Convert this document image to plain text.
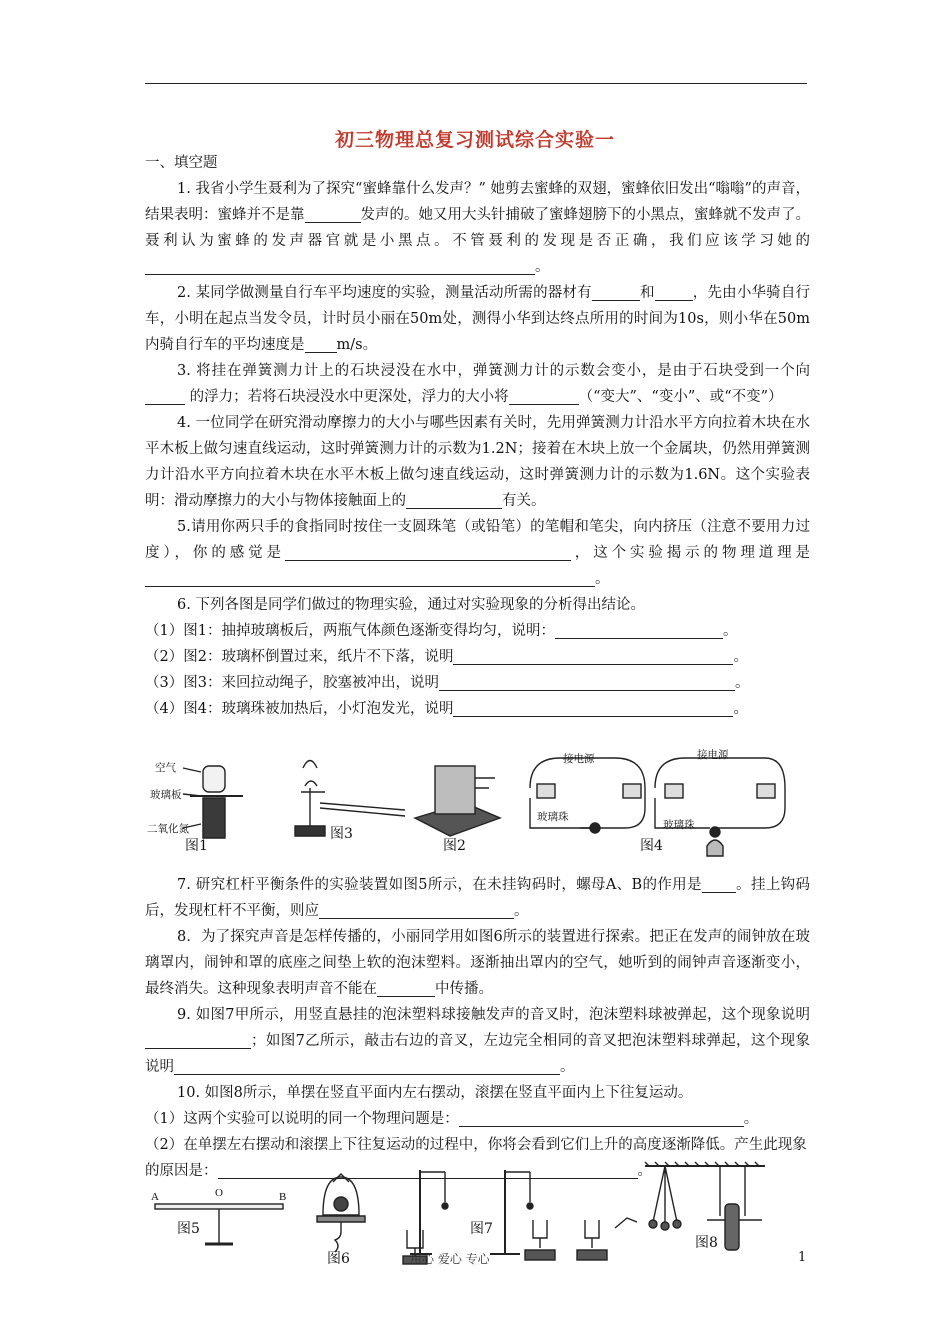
初三物理总复习测试综合实验一

一、填空题

1. 我省小学生聂利为了探究“蜜蜂靠什么发声？” 她剪去蜜蜂的双翅，蜜蜂依旧发出“嗡嗡”的声音，结果表明：蜜蜂并不是靠	发声的。她又用大头针捕破了蜜蜂翅膀下的小黑点，蜜蜂就不发声了。聂利认为蜜蜂的发声器官就是小黑点。不管聂利的发现是否正确，我们应该学习她的。

2. 某同学做测量自行车平均速度的实验，测量活动所需的器材有	和	，先由小华骑自行车，小明在起点当发令员，计时员小丽在50m处，测得小华到达终点所用的时间为10s，则小华在50m内骑自行车的平均速度是 m/s。

3. 将挂在弹簧测力计上的石块浸没在水中，弹簧测力计的示数会变小，是由于石块受到一个向 的浮力；若将石块浸没水中更深处，浮力的大小将	（“变大”、“变小”、或“不变”）

4. 一位同学在研究滑动摩擦力的大小与哪些因素有关时，先用弹簧测力计沿水平方向拉着木块在水平木板上做匀速直线运动，这时弹簧测力计的示数为1.2N；接着在木块上放一个金属块，仍然用弹簧测力计沿水平方向拉着木块在水平木板上做匀速直线运动，这时弹簧测力计的示数为1.6N。这个实验表明：滑动摩擦力的大小与物体接触面上的	有关。

5.请用你两只手的食指同时按住一支圆珠笔（或铅笔）的笔帽和笔尖，向内挤压（注意不要用力过度），你的感觉是	，这个实验揭示的物理道理是。

6. 下列各图是同学们做过的物理实验，通过对实验现象的分析得出结论。

（1）图1：抽掉玻璃板后，两瓶气体颜色逐渐变得均匀，说明：	。

（2）图2：玻璃杯倒置过来，纸片不下落，说明	。

（3）图3：来回拉动绳子，胶塞被冲出，说明	。

（4）图4：玻璃珠被加热后，小灯泡发光，说明	。

空气
玻璃板
二氧化氮
接电源
玻璃珠
接电源
玻璃珠
图1
图3
图2	图4

7. 研究杠杆平衡条件的实验装置如图5所示，在未挂钩码时，螺母A、B的作用是 。挂上钩码后，发现杠杆不平衡，则应	。

8．为了探究声音是怎样传播的，小丽同学用如图6所示的装置进行探索。把正在发声的闹钟放在玻璃罩内，闹钟和罩的底座之间垫上软的泡沫塑料。逐渐抽出罩内的空气，她听到的闹钟声音逐渐变小，最终消失。这种现象表明声音不能在	中传播。

9. 如图7甲所示，用竖直悬挂的泡沫塑料球接触发声的音叉时，泡沫塑料球被弹起，这个现象说明；如图7乙所示，敲击右边的音叉，左边完全相同的音叉把泡沫塑料球弹起，这个现象说明	。

10. 如图8所示，单摆在竖直平面内左右摆动，滚摆在竖直平面内上下往复运动。

（1）这两个实验可以说明的同一个物理问题是：	。

（2）在单摆左右摆动和滚摆上下往复运动的过程中，你将会看到它们上升的高度逐渐降低。产生此现象的原因是：	。

A	O	B
图5
图6
图7
图8
用心 爱心 专心	1
